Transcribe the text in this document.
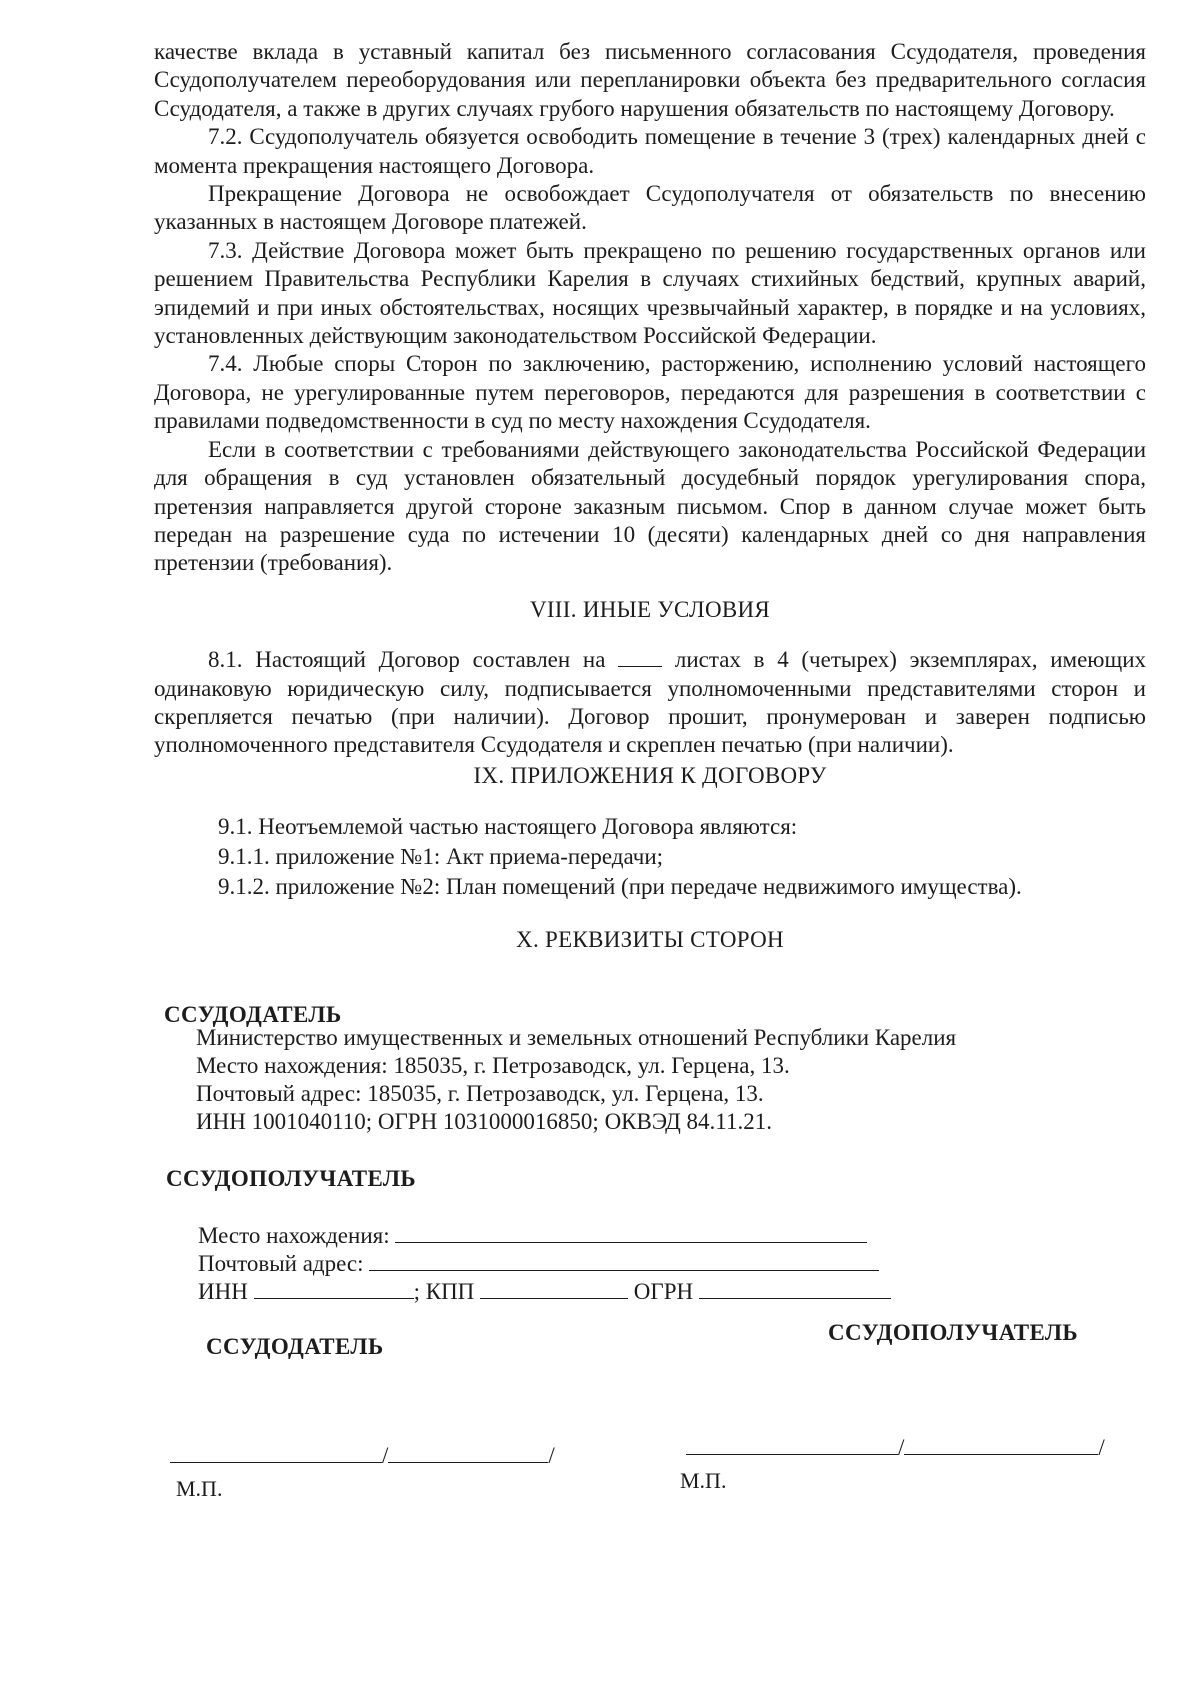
качестве вклада в уставный капитал без письменного согласования Ссудодателя, проведения Ссудополучателем переоборудования или перепланировки объекта без предварительного согласия Ссудодателя, а также в других случаях грубого нарушения обязательств по настоящему Договору.

7.2. Ссудополучатель обязуется освободить помещение в течение 3 (трех) календарных дней с момента прекращения настоящего Договора.

Прекращение Договора не освобождает Ссудополучателя от обязательств по внесению указанных в настоящем Договоре платежей.

7.3. Действие Договора может быть прекращено по решению государственных органов или решением Правительства Республики Карелия в случаях стихийных бедствий, крупных аварий, эпидемий и при иных обстоятельствах, носящих чрезвычайный характер, в порядке и на условиях, установленных действующим законодательством Российской Федерации.

7.4. Любые споры Сторон по заключению, расторжению, исполнению условий настоящего Договора, не урегулированные путем переговоров, передаются для разрешения в соответствии с правилами подведомственности в суд по месту нахождения Ссудодателя.

Если в соответствии с требованиями действующего законодательства Российской Федерации для обращения в суд установлен обязательный досудебный порядок урегулирования спора, претензия направляется другой стороне заказным письмом. Спор в данном случае может быть передан на разрешение суда по истечении 10 (десяти) календарных дней со дня направления претензии (требования).

VIII. ИНЫЕ УСЛОВИЯ

8.1. Настоящий Договор составлен на	листах в 4 (четырех) экземплярах, имеющих одинаковую юридическую силу, подписывается уполномоченными представителями сторон и скрепляется печатью (при наличии). Договор прошит, пронумерован и заверен подписью уполномоченного представителя Ссудодателя и скреплен печатью (при наличии).

IX. ПРИЛОЖЕНИЯ К ДОГОВОРУ

9.1. Неотъемлемой частью настоящего Договора являются:

9.1.1. приложение №1: Акт приема-передачи;

9.1.2. приложение №2: План помещений (при передаче недвижимого имущества).

X. РЕКВИЗИТЫ СТОРОН
ССУДОДАТЕЛЬ
Министерство имущественных и земельных отношений Республики Карелия
Место нахождения: 185035, г. Петрозаводск, ул. Герцена, 13.
Почтовый адрес: 185035, г. Петрозаводск, ул. Герцена, 13.
ИНН 1001040110; ОГРН 1031000016850; ОКВЭД 84.11.21.
ССУДОПОЛУЧАТЕЛЬ
Место нахождения:
Почтовый адрес:
ИНН	; КПП	ОГРН
ССУДОДАТЕЛЬ
ССУДОПОЛУЧАТЕЛЬ
/	/
М.П.
/	/
М.П.
